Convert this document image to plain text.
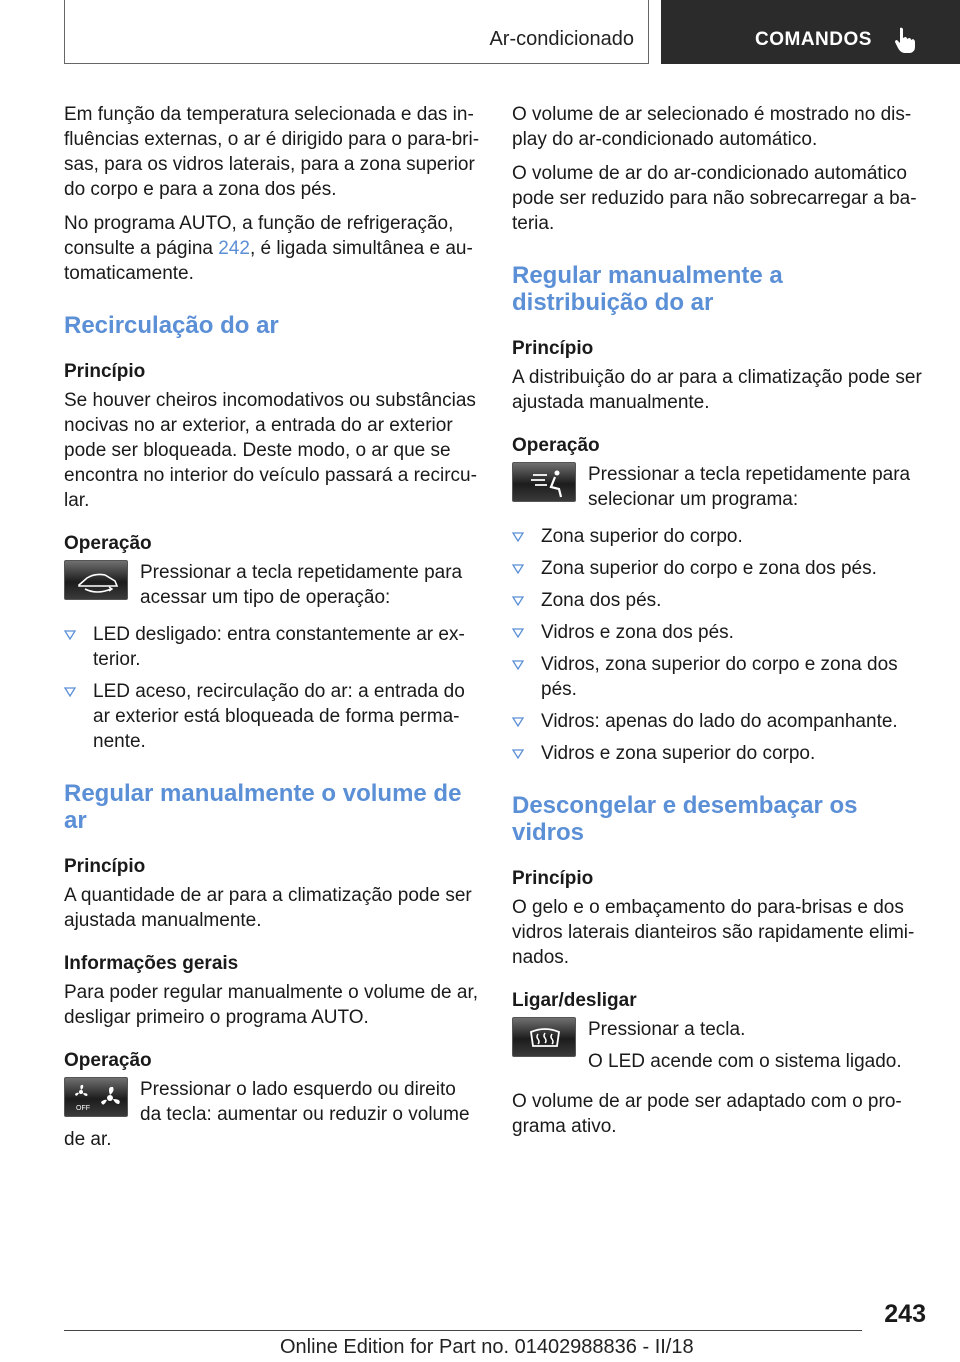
Ar-condicionado	COMANDOS

Em função da temperatura selecionada e das in-fluências externas, o ar é dirigido para o para-bri-sas, para os vidros laterais, para a zona superior do corpo e para a zona dos pés.

No programa AUTO, a função de refrigeração, consulte a página 242, é ligada simultânea e au-tomaticamente.

Recirculação do ar
Princípio

Se houver cheiros incomodativos ou substâncias nocivas no ar exterior, a entrada do ar exterior pode ser bloqueada. Deste modo, o ar que se encontra no interior do veículo passará a recircu-lar.

Operação
Pressionar a tecla repetidamente para acessar um tipo de operação:
LED desligado: entra constantemente ar ex-terior.
LED aceso, recirculação do ar: a entrada do ar exterior está bloqueada de forma perma-nente.
Regular manualmente o volume de ar
Princípio

A quantidade de ar para a climatização pode ser ajustada manualmente.

Informações gerais

Para poder regular manualmente o volume de ar, desligar primeiro o programa AUTO.

Operação
OFF
Pressionar o lado esquerdo ou direito da tecla: aumentar ou reduzir o volume de ar.

O volume de ar selecionado é mostrado no dis-play do ar-condicionado automático.

O volume de ar do ar-condicionado automático pode ser reduzido para não sobrecarregar a ba-teria.

Regular manualmente a distribuição do ar
Princípio

A distribuição do ar para a climatização pode ser ajustada manualmente.

Operação
Pressionar a tecla repetidamente para selecionar um programa:
Zona superior do corpo.
Zona superior do corpo e zona dos pés.
Zona dos pés.
Vidros e zona dos pés.
Vidros, zona superior do corpo e zona dos pés.
Vidros: apenas do lado do acompanhante.
Vidros e zona superior do corpo.
Descongelar e desembaçar os vidros
Princípio

O gelo e o embaçamento do para-brisas e dos vidros laterais dianteiros são rapidamente elimi-nados.

Ligar/desligar

Pressionar a tecla.

O LED acende com o sistema ligado.

O volume de ar pode ser adaptado com o pro-grama ativo.

243
Online Edition for Part no. 01402988836 - II/18
